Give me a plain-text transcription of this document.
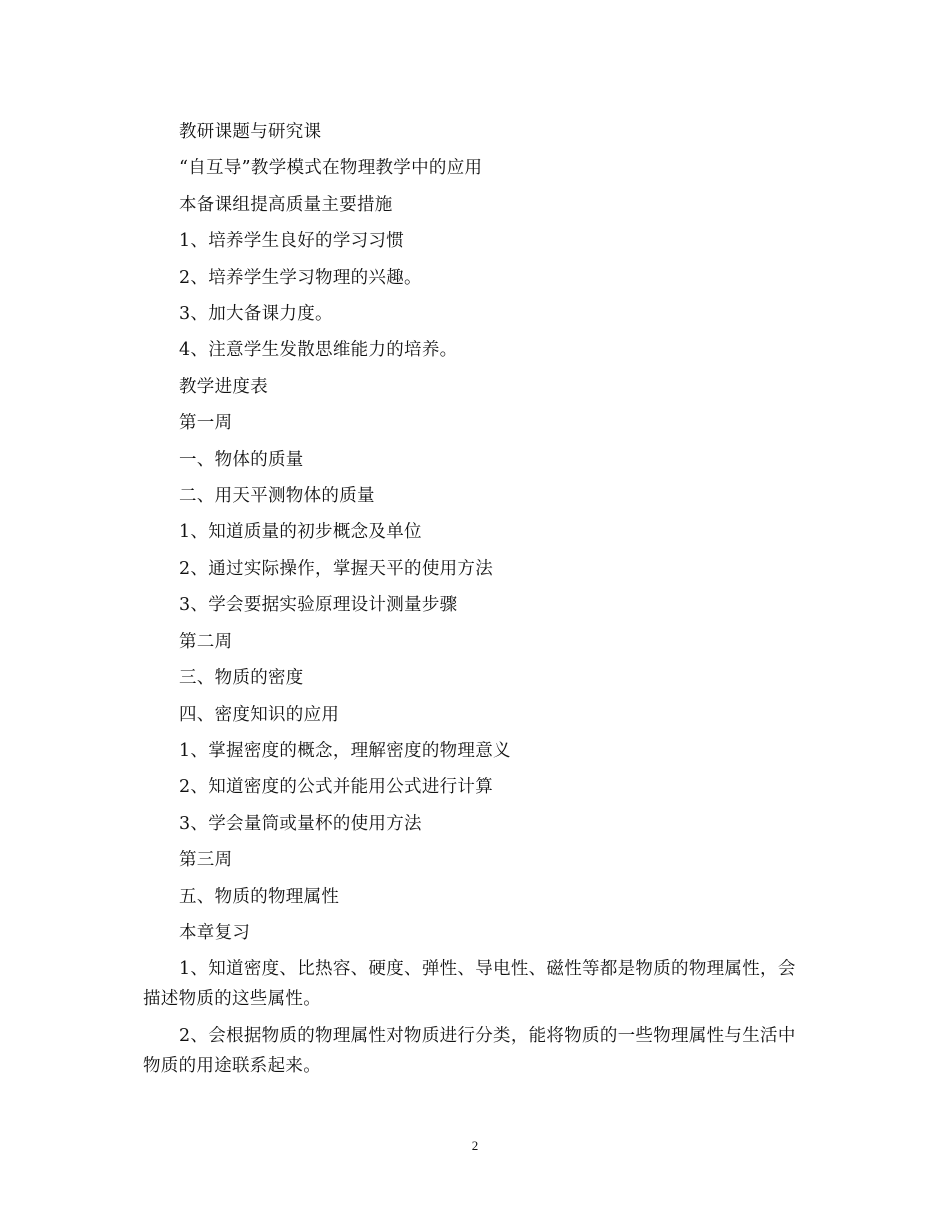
教研课题与研究课

“自互导”教学模式在物理教学中的应用

本备课组提高质量主要措施

1、培养学生良好的学习习惯

2、培养学生学习物理的兴趣。

3、加大备课力度。

4、注意学生发散思维能力的培养。

教学进度表

第一周

一、物体的质量

二、用天平测物体的质量

1、知道质量的初步概念及单位

2、通过实际操作，掌握天平的使用方法

3、学会要据实验原理设计测量步骤

第二周

三、物质的密度

四、密度知识的应用

1、掌握密度的概念，理解密度的物理意义

2、知道密度的公式并能用公式进行计算

3、学会量筒或量杯的使用方法

第三周

五、物质的物理属性

本章复习

1、知道密度、比热容、硬度、弹性、导电性、磁性等都是物质的物理属性，会描述物质的这些属性。

2、会根据物质的物理属性对物质进行分类，能将物质的一些物理属性与生活中物质的用途联系起来。

2
